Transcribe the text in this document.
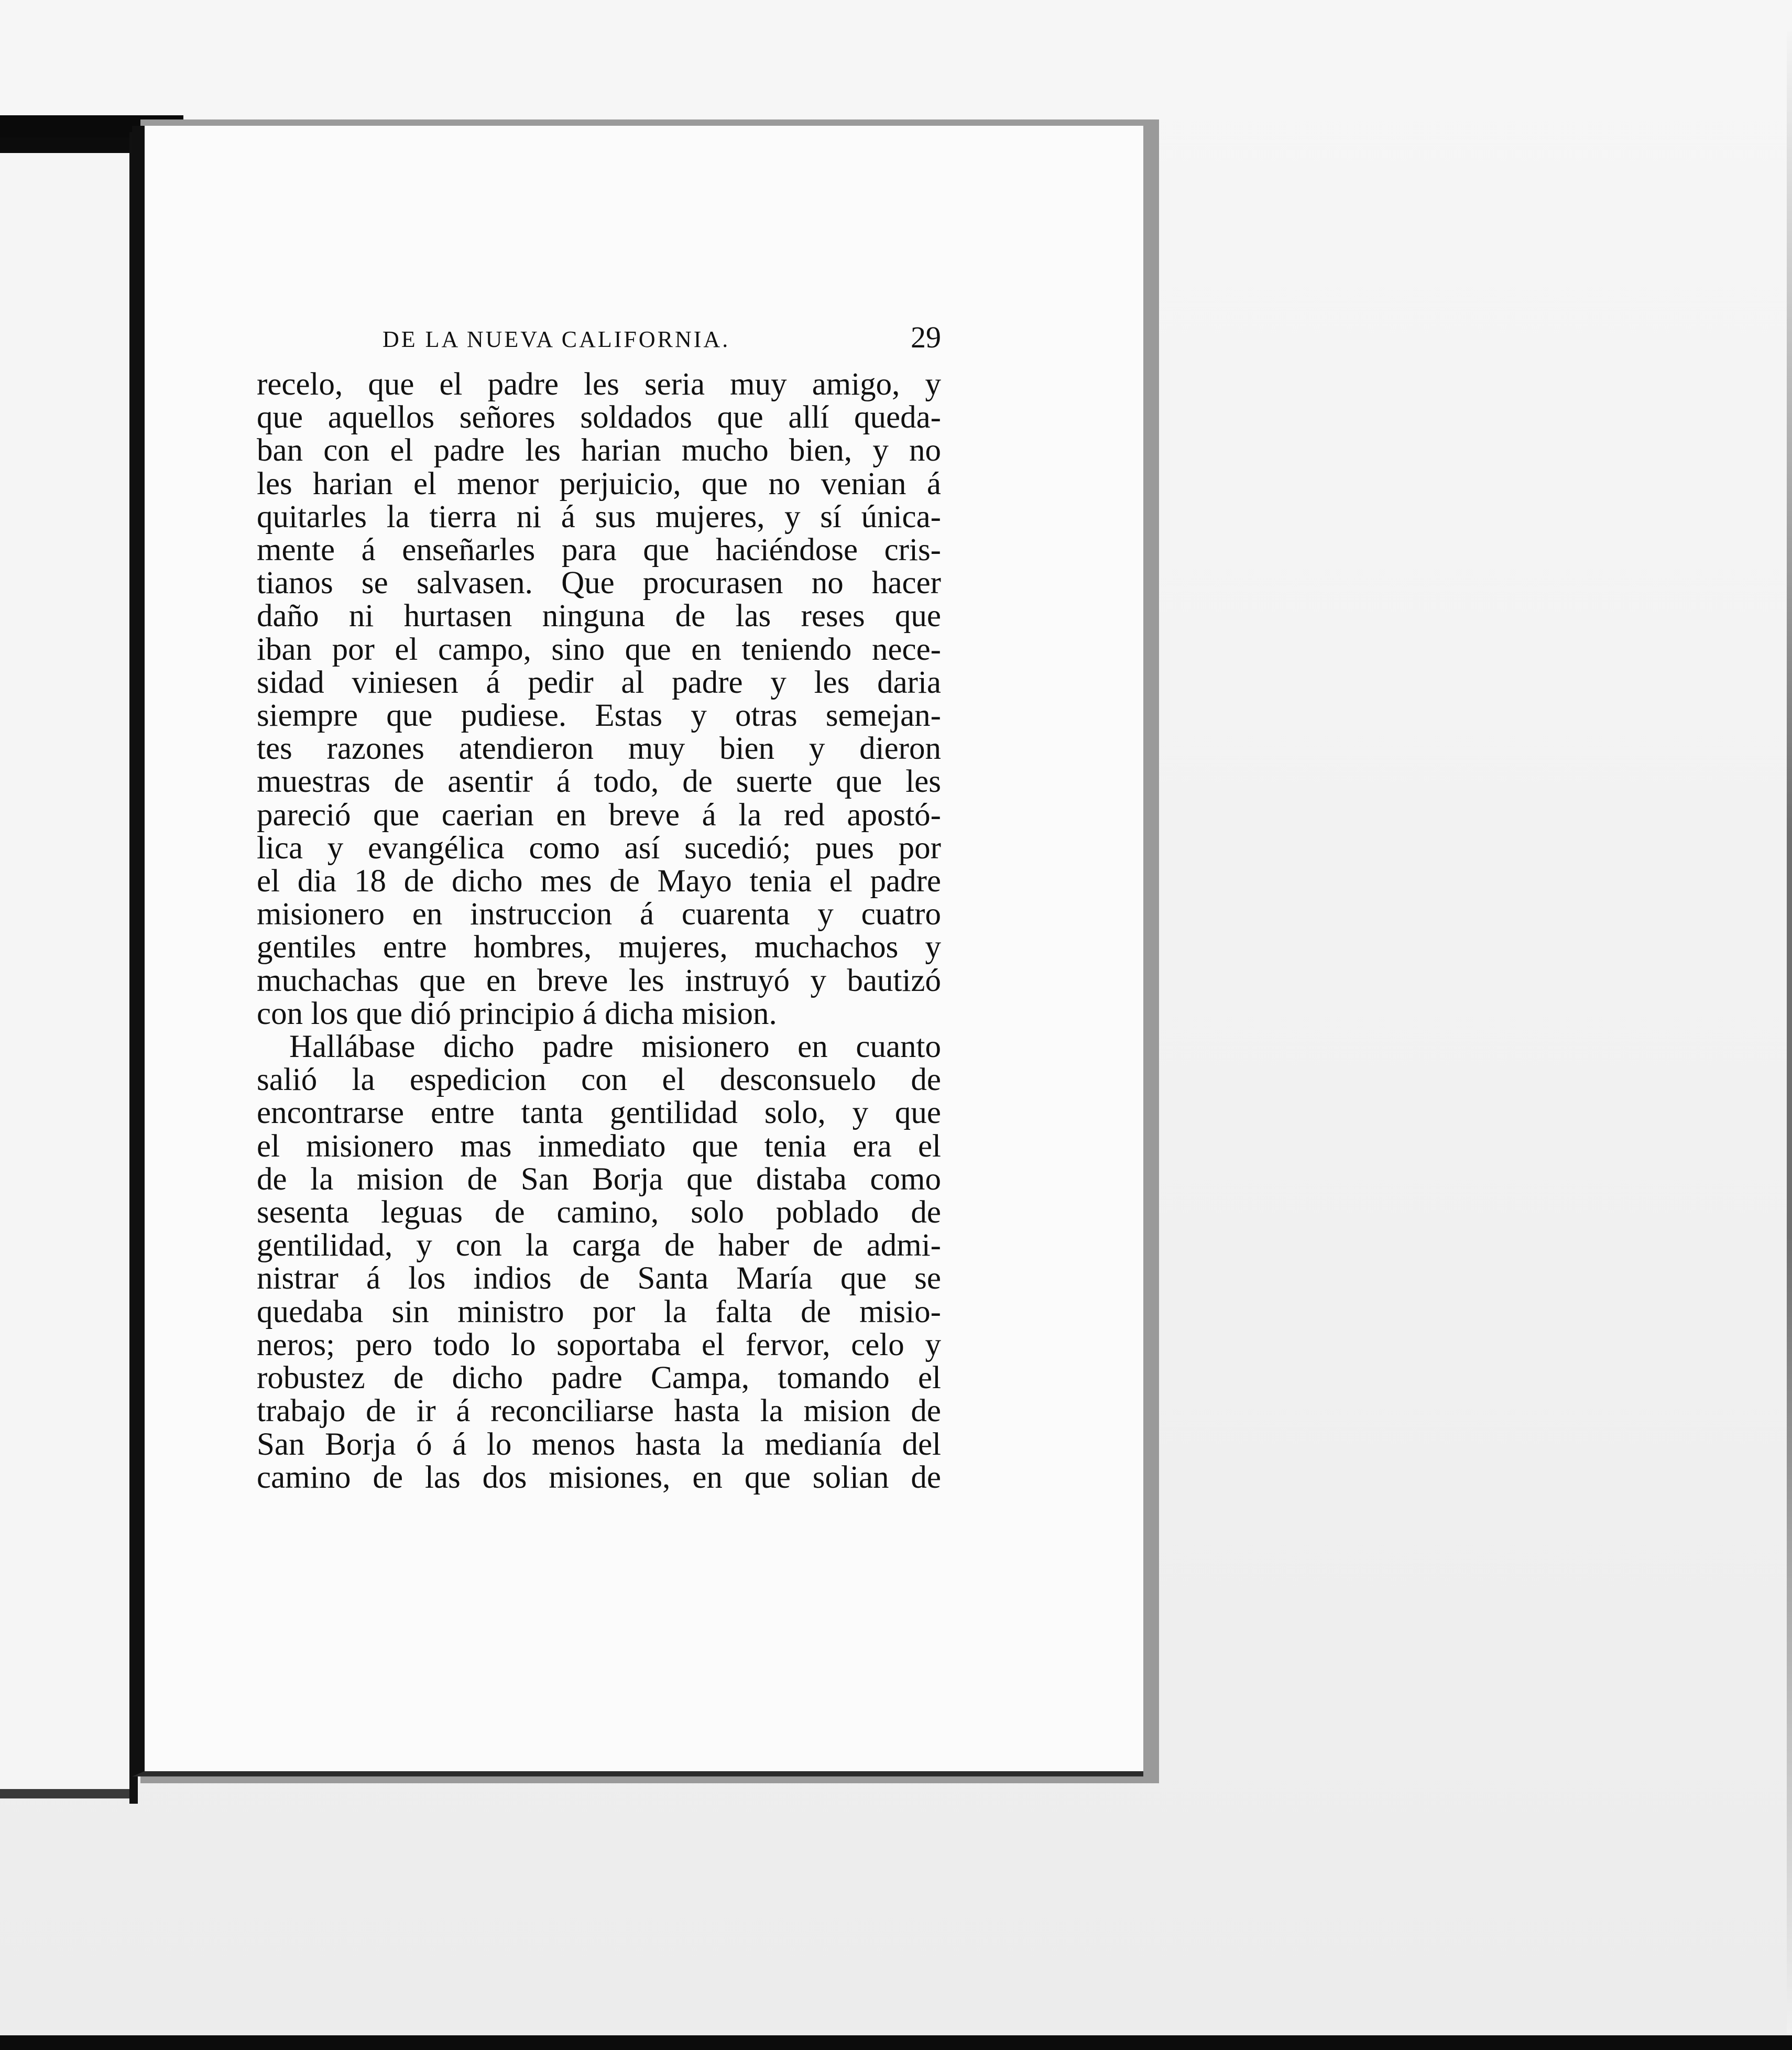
DE LA NUEVA CALIFORNIA.	29
recelo, que el padre les seria muy amigo, y
que aquellos señores soldados que allí queda-
ban con el padre les harian mucho bien, y no
les harian el menor perjuicio, que no venian á
quitarles la tierra ni á sus mujeres, y sí única-
mente á enseñarles para que haciéndose cris-
tianos se salvasen. Que procurasen no hacer
daño ni hurtasen ninguna de las reses que
iban por el campo, sino que en teniendo nece-
sidad viniesen á pedir al padre y les daria
siempre que pudiese. Estas y otras semejan-
tes razones atendieron muy bien y dieron
muestras de asentir á todo, de suerte que les
pareció que caerian en breve á la red apostó-
lica y evangélica como así sucedió; pues por
el dia 18 de dicho mes de Mayo tenia el padre
misionero en instruccion á cuarenta y cuatro
gentiles entre hombres, mujeres, muchachos y
muchachas que en breve les instruyó y bautizó
con los que dió principio á dicha mision.
Hallábase dicho padre misionero en cuanto
salió la espedicion con el desconsuelo de
encontrarse entre tanta gentilidad solo, y que
el misionero mas inmediato que tenia era el
de la mision de San Borja que distaba como
sesenta leguas de camino, solo poblado de
gentilidad, y con la carga de haber de admi-
nistrar á los indios de Santa María que se
quedaba sin ministro por la falta de misio-
neros; pero todo lo soportaba el fervor, celo y
robustez de dicho padre Campa, tomando el
trabajo de ir á reconciliarse hasta la mision de
San Borja ó á lo menos hasta la medianía del
camino de las dos misiones, en que solian de
